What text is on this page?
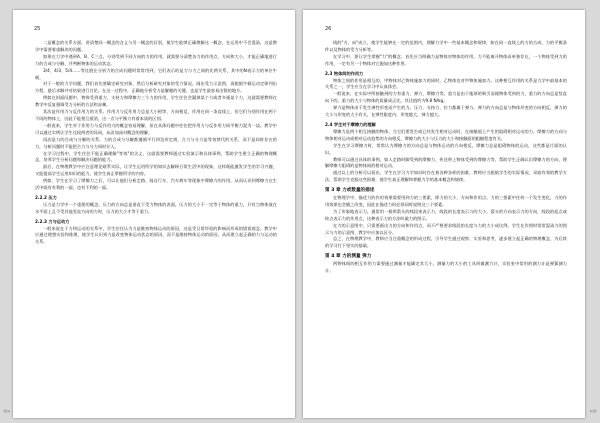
25

二是概念的关系方面，讲清楚同一概念的含义与另一概念的区别，使学生能够正确理解这一概念，在运用中不会混淆，这是教学中需要着重解决的问题。

如果在力学中遇到A、B、C三点，分别受到不同方向的力的作用，就需要分清楚各力的作用点、方向和大小，才能正确地进行力的合成与分解，并判断物体的运动状态。

3/4、4/3、5/4……等比值在分析力的合成问题时常常用到，它们表示的是力与力之间的比例关系，其中的N表示力的单位牛顿。

对于一般的力学问题，我们首先要确定研究对象，然后分析研究对象的受力情况，画出受力示意图，再根据牛顿运动定律列出方程，最后求解并对结果进行讨论。在这一过程中，正确地分析受力是解题的关键，也是学生最容易出错的地方。

例如在斜面问题中，物体受到重力、支持力和摩擦力三个力的作用，学生往往会漏掉某个力或者多画某个力，这就需要教师在教学中反复强调受力分析的方法和步骤。

其次是作用力与反作用力的关系。作用力与反作用力总是大小相等、方向相反、作用在同一条直线上，但它们分别作用在两个不同的物体上，因此不能相互抵消，这一点与平衡力有着本质的区别。

一般说来，学生对于作用力与反作用力的概念容易理解，但在具体问题中往往把作用力与反作用力同平衡力混为一谈。教学中可以通过实例让学生比较两者的异同，从而加深对概念的理解。

再次是力的合成与分解的关系。力的合成与分解都遵循平行四边形定则，合力与分力是等效替代的关系，而不是同时存在的力，分析问题时不能把合力与分力同时计入。

在学习过程中，学生往往不能正确理解"等效"的含义，这就需要教师通过实验演示和具体事例，帮助学生建立正确的物理概念，培养学生分析问题和解决问题的能力。

最后，在物理教学中应注意理论联系实际，让学生运用所学的知识去解释日常生活中的现象，这样既能激发学生的学习兴趣，又能提高学生运用知识的能力，使学生真正掌握所学的内容。

例如，学生在学习了摩擦力之后，可以让他们分析走路、骑自行车、汽车刹车等现象中摩擦力的作用，从而认识到摩擦力在生活中既有有利的一面，也有不利的一面。

2.2.2 压力

压力是力学中一个重要的概念。压力的方向总是垂直于受力物体的表面，压力的大小不一定等于物体的重力，只有当物体放在水平面上且不受其他竖直方向的力时，压力的大小才等于重力。

2.2.3 力与运动力

一般来说在于力和运动的关系中，学生往往认为力是维持物体运动的原因，这是受日常经验的影响而形成的错误观念。教学中应通过理想实验和推理，使学生认识到力是改变物体运动状态的原因，而不是维持物体运动的原因，从而建立起正确的力与运动的关系。

26

线的"方、向"成立，使学生能够在一定的范围内，理解力学中一些基本概念和规律，如在同一直线上的力的合成、力的平衡条件以及物体的受力分析等。

在学习中，要让学生掌握"力"的概念，首先应当明确力是物体对物体的作用，力不能离开物体而单独存在，一个物体受到力的作用，一定有另一个物体对它施加这种作用。

2.3 物体间的作用力

物体之间的作用是相互的，甲物体对乙物体施加力的同时，乙物体也对甲物体施加力。这种相互作用的关系是力学中最基本的关系之一，学生应当在学习中认真体会。

一般说来，在实际中所接触到的力有重力、弹力、摩擦力等。重力是由于地球的吸引而使物体受到的力，重力的方向总是竖直向下的，重力的大小与物体的质量成正比，其比值约为9.8 N/kg。

弹力是物体由于发生弹性形变而产生的力。压力、支持力、拉力都属于弹力。弹力的方向总是与物体形变的方向相反，弹力的大小与形变的大小有关，在弹性限度内，形变越大，弹力越大。

2.4 学生对于摩擦力的理解

摩擦力是两个相互接触的物体，当它们要发生或已经发生相对运动时，在接触面上产生的阻碍相对运动的力。摩擦力的方向与物体相对运动或相对运动趋势的方向相反，摩擦力的大小与压力的大小和接触面的粗糙程度有关。

学生在学习摩擦力时，常常认为摩擦力的方向总是与物体运动的方向相反，摩擦力总是阻碍物体的运动，这些都是片面的认识。

教师可以通过具体的事例，如人走路时脚受到的摩擦力、传送带上物体受到的摩擦力等，帮助学生正确认识摩擦力的方向，理解摩擦力阻碍的是物体间的相对运动。

通过以上的分析可以看出，学生在学习力学知识时存在着各种各样的困难，教师应当根据学生的实际情况，采取有效的教学方法，帮助学生克服这些困难，使学生真正理解和掌握力学的基本概念和规律。

第 3 章 力或数量的描述

在物理学中，描述力的作用效果需要用到力的三要素，即力的大小、方向和作用点。力的三要素中任何一个发生变化，力的作用效果也会随之改变，因此在描述力时必须同时说明这三个要素。

为了形象地表示力，通常用一根带箭头的线段来表示力，线段的长度表示力的大小，箭头的方向表示力的方向，线段的起点或终点表示力的作用点，这种表示力的方法叫做力的图示。

在力的示意图中，只需要画出力的方向和作用点，而不严格要求线段的长度与力的大小成比例。学生在作图时常常混淆力的图示与力的示意图，教学中应加以区分。

总之，在物理教学中，教师应当注重概念的形成过程，引导学生通过观察、实验和思考，逐步建立起正确的物理概念，为后续的学习打下坚实的基础。

第 4 章 力的测量 弹力

两物体间的相互作用力需要通过测量才能确定其大小，测量力的大小的工具叫做测力计，实验室中常用的测力计是弹簧测力计。

⇦	⇨
